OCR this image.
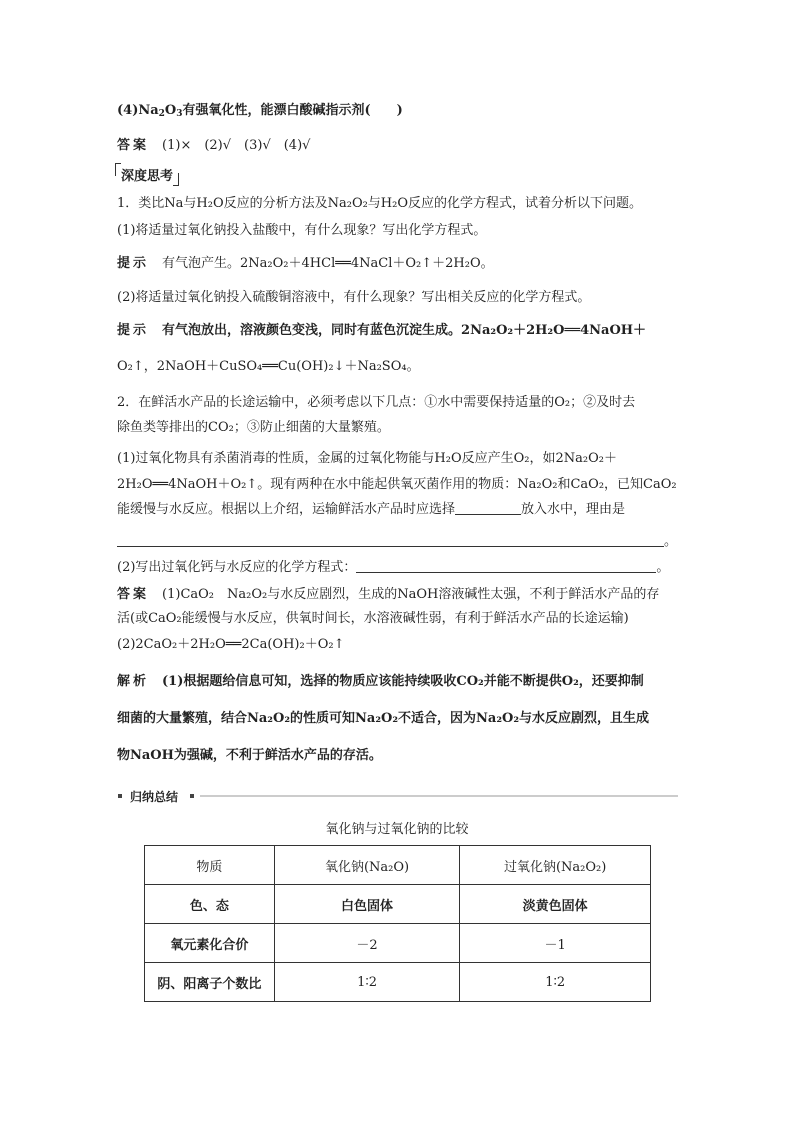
$(4)Na_2O_3$有强氧化性，能漂白酸碱指示剂(　　)
答案　 (1)×　(2)√　(3)√　(4)√
深度思考
1．类比Na与H₂O反应的分析方法及Na₂O₂与H₂O反应的化学方程式，试着分析以下问题。
(1)将适量过氧化钠投入盐酸中，有什么现象？写出化学方程式。
提示　 有气泡产生。2Na₂O₂＋4HCl══4NaCl＋O₂↑＋2H₂O。
(2)将适量过氧化钠投入硫酸铜溶液中，有什么现象？写出相关反应的化学方程式。
提示　 有气泡放出，溶液颜色变浅，同时有蓝色沉淀生成。2Na₂O₂＋2H₂O══4NaOH＋
O₂↑，2NaOH＋CuSO₄══Cu(OH)₂↓＋Na₂SO₄。
2．在鲜活水产品的长途运输中，必须考虑以下几点：①水中需要保持适量的O₂；②及时去
除鱼类等排出的CO₂；③防止细菌的大量繁殖。
(1)过氧化物具有杀菌消毒的性质，金属的过氧化物能与H₂O反应产生O₂，如2Na₂O₂＋
2H₂O══4NaOH＋O₂↑。现有两种在水中能起供氧灭菌作用的物质：Na₂O₂和CaO₂，已知CaO₂
能缓慢与水反应。根据以上介绍，运输鲜活水产品时应选择	放入水中，理由是
。
(2)写出过氧化钙与水反应的化学方程式：	。
答案　 (1)CaO₂　Na₂O₂与水反应剧烈，生成的NaOH溶液碱性太强，不利于鲜活水产品的存
活(或CaO₂能缓慢与水反应，供氧时间长，水溶液碱性弱，有利于鲜活水产品的长途运输)
(2)2CaO₂＋2H₂O══2Ca(OH)₂＋O₂↑
解析　 (1)根据题给信息可知，选择的物质应该能持续吸收CO₂并能不断提供O₂，还要抑制
细菌的大量繁殖，结合Na₂O₂的性质可知Na₂O₂不适合，因为Na₂O₂与水反应剧烈，且生成
物NaOH为强碱，不利于鲜活水产品的存活。
归纳总结
氧化钠与过氧化钠的比较
物质	氧化钠(Na₂O)	过氧化钠(Na₂O₂)
色、态	白色固体	淡黄色固体
氧元素化合价	－2	－1
阴、阳离子个数比	1∶2	1∶2
